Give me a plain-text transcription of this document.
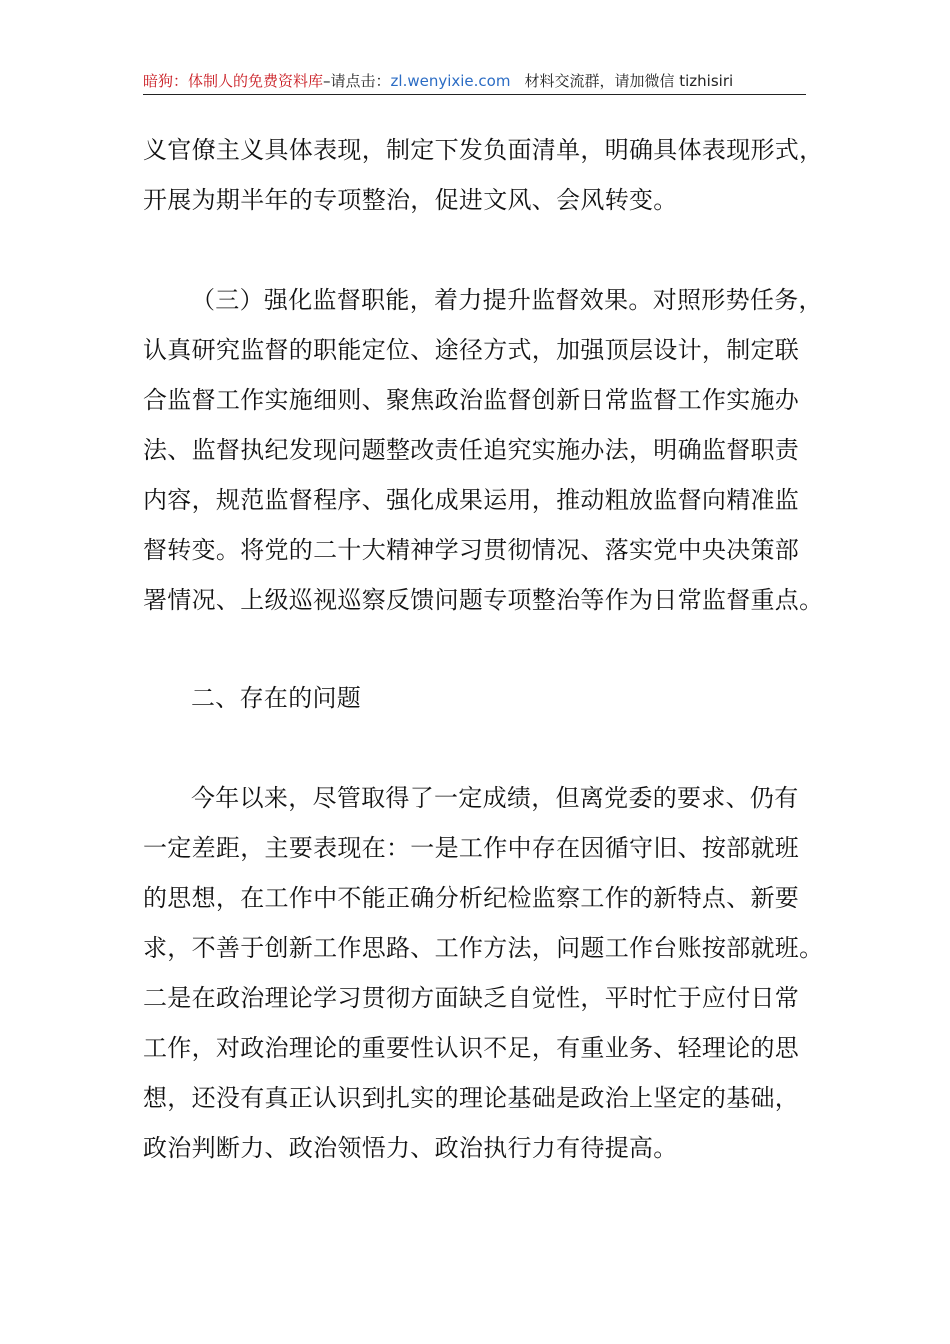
暗狗：体制人的免费资料库–请点击：zl.wenyixie.com 材料交流群，请加微信 tizhisiri
义官僚主义具体表现，制定下发负面清单，明确具体表现形式，
开展为期半年的专项整治，促进文风、会风转变。
（三）强化监督职能，着力提升监督效果。对照形势任务，
认真研究监督的职能定位、途径方式，加强顶层设计，制定联
合监督工作实施细则、聚焦政治监督创新日常监督工作实施办
法、监督执纪发现问题整改责任追究实施办法，明确监督职责
内容，规范监督程序、强化成果运用，推动粗放监督向精准监
督转变。将党的二十大精神学习贯彻情况、落实党中央决策部
署情况、上级巡视巡察反馈问题专项整治等作为日常监督重点。
二、存在的问题
今年以来，尽管取得了一定成绩，但离党委的要求、仍有
一定差距，主要表现在：一是工作中存在因循守旧、按部就班
的思想，在工作中不能正确分析纪检监察工作的新特点、新要
求，不善于创新工作思路、工作方法，问题工作台账按部就班。
二是在政治理论学习贯彻方面缺乏自觉性，平时忙于应付日常
工作，对政治理论的重要性认识不足，有重业务、轻理论的思
想，还没有真正认识到扎实的理论基础是政治上坚定的基础，
政治判断力、政治领悟力、政治执行力有待提高。
